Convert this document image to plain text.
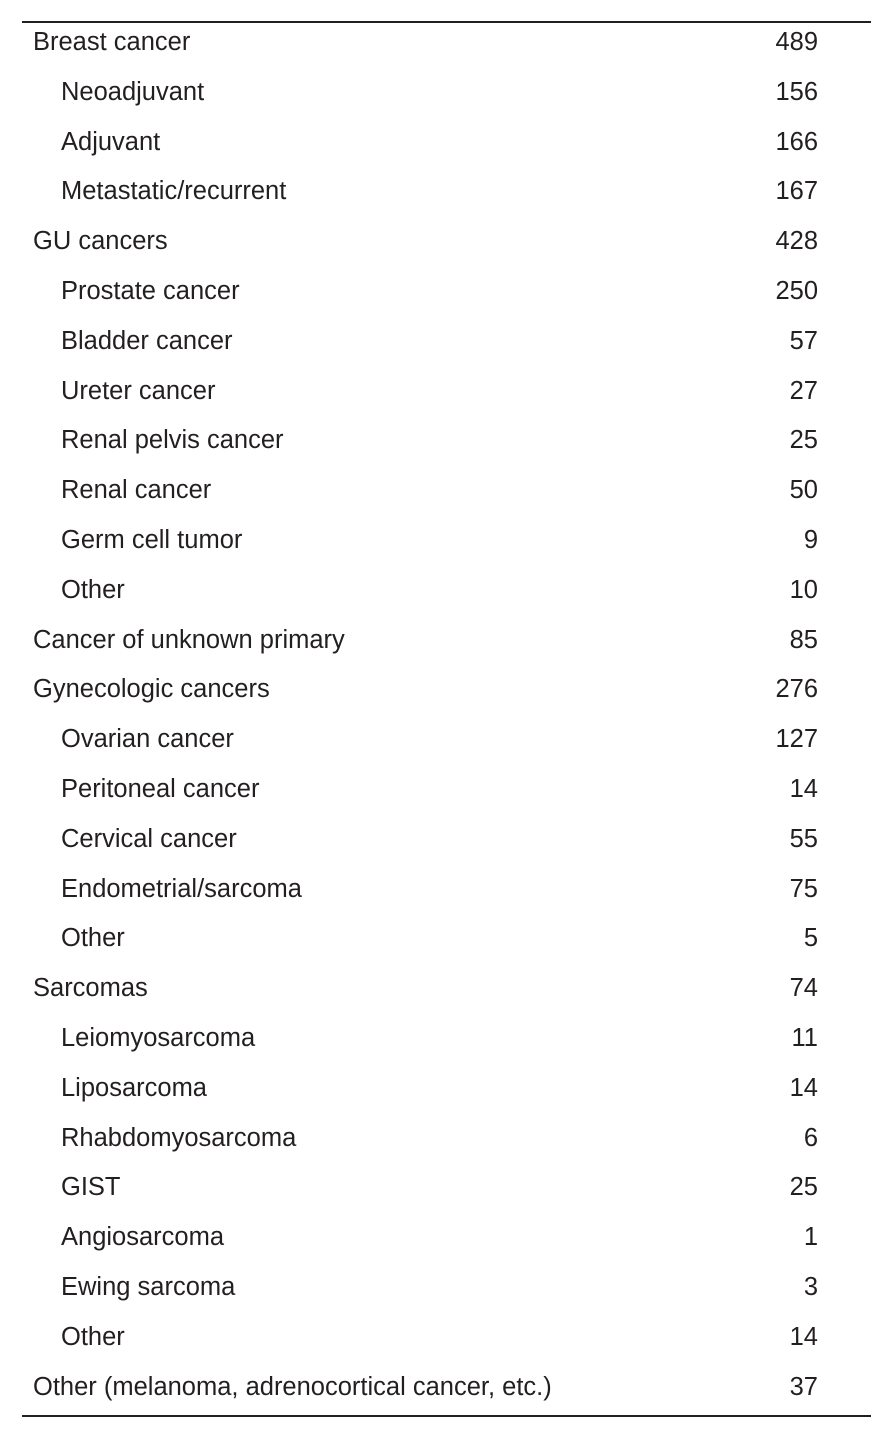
Breast cancer	489
Neoadjuvant	156
Adjuvant	166
Metastatic/recurrent	167
GU cancers	428
Prostate cancer	250
Bladder cancer	57
Ureter cancer	27
Renal pelvis cancer	25
Renal cancer	50
Germ cell tumor	9
Other	10
Cancer of unknown primary	85
Gynecologic cancers	276
Ovarian cancer	127
Peritoneal cancer	14
Cervical cancer	55
Endometrial/sarcoma	75
Other	5
Sarcomas	74
Leiomyosarcoma	11
Liposarcoma	14
Rhabdomyosarcoma	6
GIST	25
Angiosarcoma	1
Ewing sarcoma	3
Other	14
Other (melanoma, adrenocortical cancer, etc.)	37
